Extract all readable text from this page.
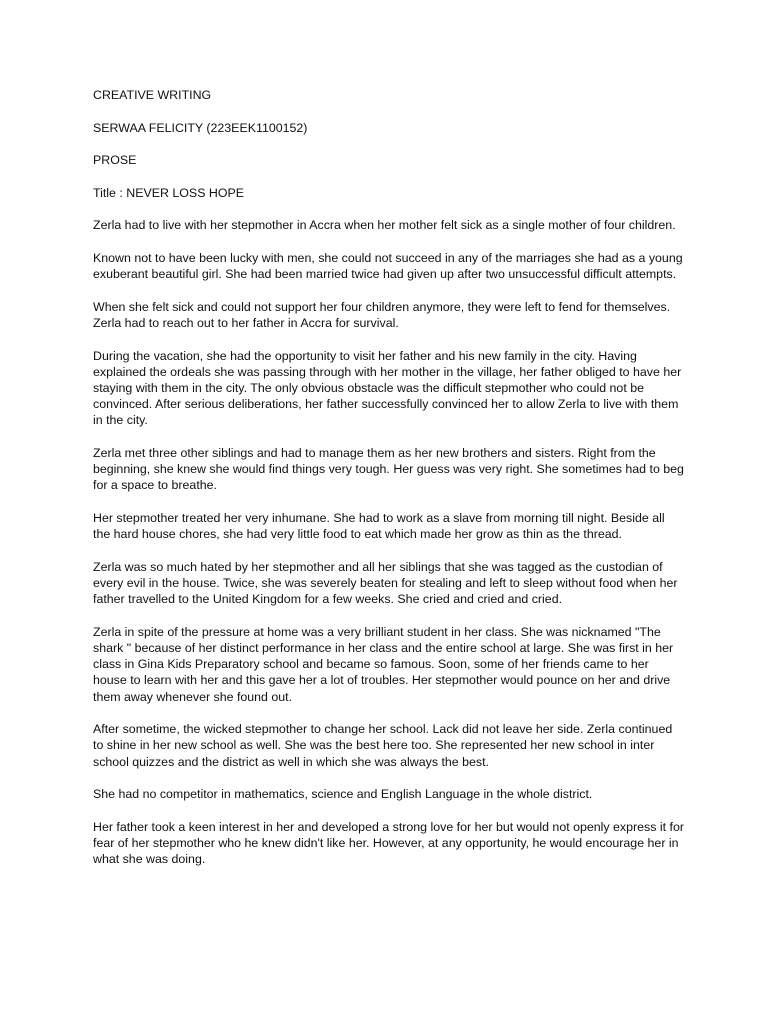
CREATIVE WRITING

SERWAA FELICITY (223EEK1100152)

PROSE

Title : NEVER LOSS HOPE

Zerla had to live with her stepmother in Accra when her mother felt sick as a single mother of four children.

Known not to have been lucky with men, she could not succeed in any of the marriages she had as a young exuberant beautiful girl. She had been married twice had given up after two unsuccessful difficult attempts.

When she felt sick and could not support her four children anymore, they were left to fend for themselves. Zerla had to reach out to her father in Accra for survival.

During the vacation, she had the opportunity to visit her father and his new family in the city. Having explained the ordeals she was passing through with her mother in the village, her father obliged to have her staying with them in the city. The only obvious obstacle was the difficult stepmother who could not be convinced. After serious deliberations, her father successfully convinced her to allow Zerla to live with them in the city.

Zerla met three other siblings and had to manage them as her new brothers and sisters. Right from the beginning, she knew she would find things very tough. Her guess was very right. She sometimes had to beg for a space to breathe.

Her stepmother treated her very inhumane. She had to work as a slave from morning till night. Beside all the hard house chores, she had very little food to eat which made her grow as thin as the thread.

Zerla was so much hated by her stepmother and all her siblings that she was tagged as the custodian of every evil in the house. Twice, she was severely beaten for stealing and left to sleep without food when her father travelled to the United Kingdom for a few weeks. She cried and cried and cried.

Zerla in spite of the pressure at home was a very brilliant student in her class. She was nicknamed "The shark " because of her distinct performance in her class and the entire school at large. She was first in her class in Gina Kids Preparatory school and became so famous. Soon, some of her friends came to her house to learn with her and this gave her a lot of troubles. Her stepmother would pounce on her and drive them away whenever she found out.

After sometime, the wicked stepmother to change her school. Lack did not leave her side. Zerla continued to shine in her new school as well. She was the best here too. She represented her new school in inter school quizzes and the district as well in which she was always the best.

She had no competitor in mathematics, science and English Language in the whole district.

Her father took a keen interest in her and developed a strong love for her but would not openly express it for fear of her stepmother who he knew didn't like her. However, at any opportunity, he would encourage her in what she was doing.
